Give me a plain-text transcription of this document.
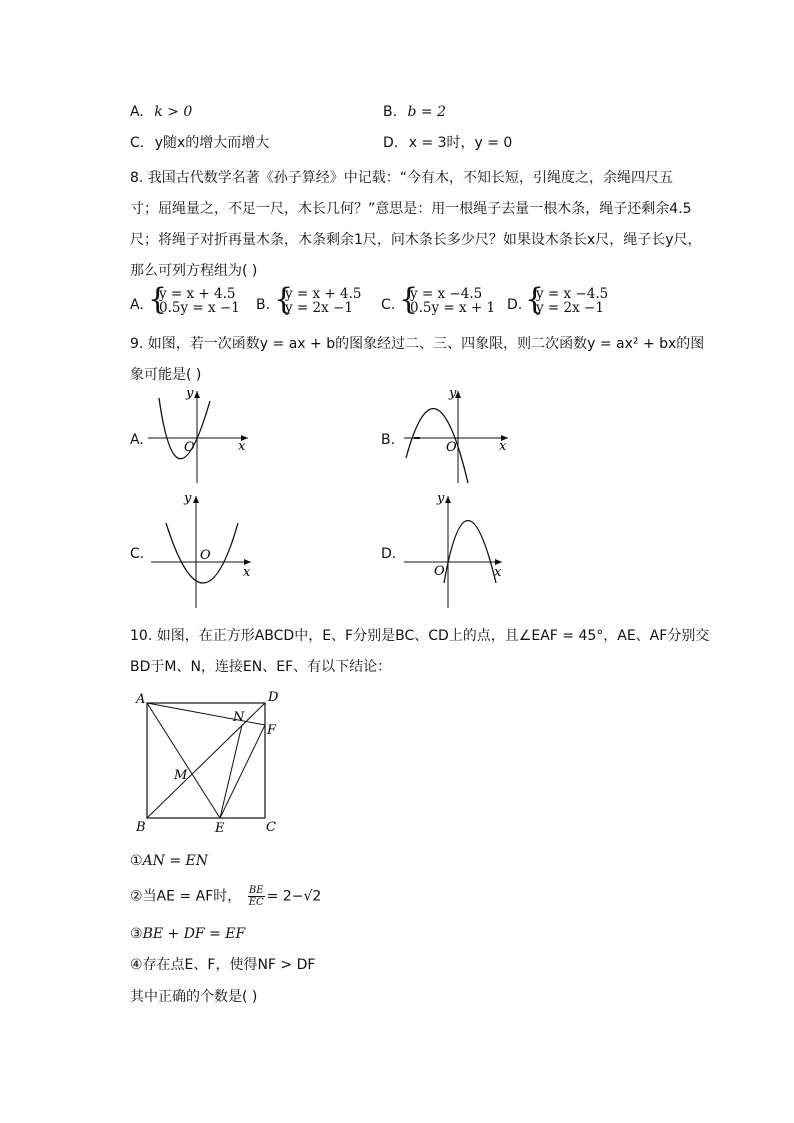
A. k > 0	B. b = 2
C. y随x的增大而增大	D. x = 3时，y = 0
8. 我国古代数学名著《孙子算经》中记载：“今有木，不知长短，引绳度之，余绳四尺五
寸；屈绳量之，不足一尺，木长几何？”意思是：用一根绳子去量一根木条，绳子还剩余4.5
尺；将绳子对折再量木条，木条剩余1尺，问木条长多少尺？如果设木条长x尺，绳子长y尺，
那么可列方程组为( )
A. {
y = x + 4.5
0.5y = x −1 B. {
y = x + 4.5
y = 2x −1	C. {
y = x −4.5
0.5y = x + 1 D. {
y = x −4.5
y = 2x −1
9. 如图，若一次函数y = ax + b的图象经过二、三、四象限，则二次函数y = ax² + bx的图
象可能是( )
A.	x
y
O	B.	x
y
O
C.
x
y
O	D.
x
y
O
10. 如图，在正方形ABCD中，E、F分别是BC、CD上的点，且∠EAF = 45°，AE、AF分别交
BD于M、N，连接EN、EF、有以下结论：
A	D
B	C
E
F
M
N
①AN = EN
②当AE = AF时， $\frac{BE}{EC} = 2-√2$
③BE + DF = EF
④存在点E、F，使得NF > DF
其中正确的个数是( )
